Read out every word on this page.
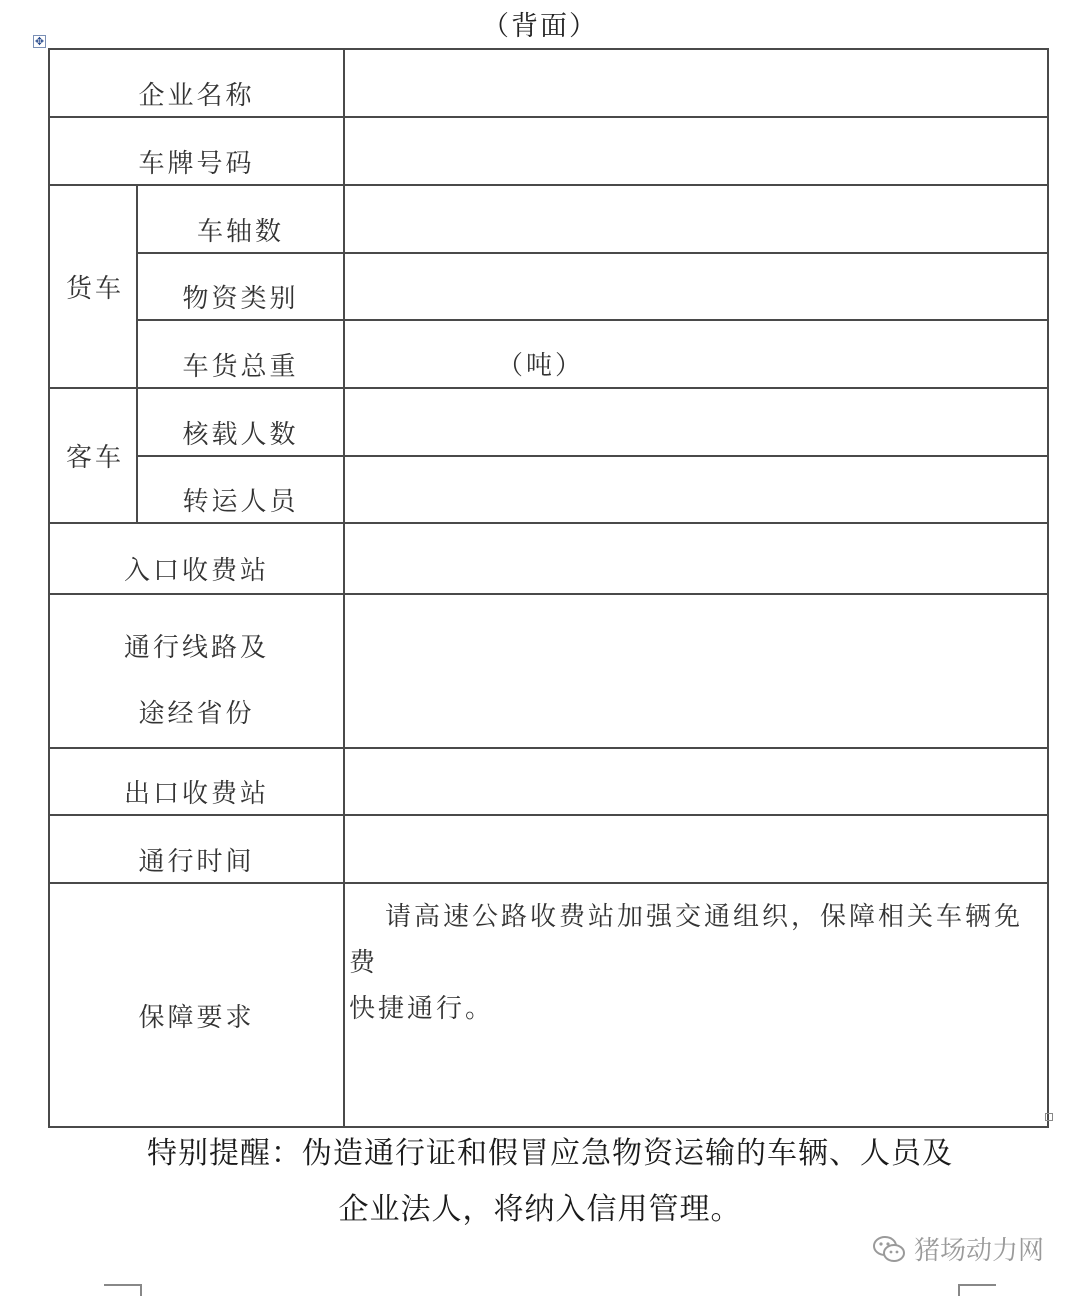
（背面）
✥
企业名称		
车牌号码		
货车	车轴数	
	物资类别	
	车货总重	（吨）

客车	核载人数	
	转运人员	
入口收费站		

通行线路及
途经省份		

出口收费站		
通行时间		
保障要求		请高速公路收费站加强交通组织，保障相关车辆免费
快捷通行。
特别提醒：伪造通行证和假冒应急物资运输的车辆、人员及
企业法人，将纳入信用管理。
猪场动力网
